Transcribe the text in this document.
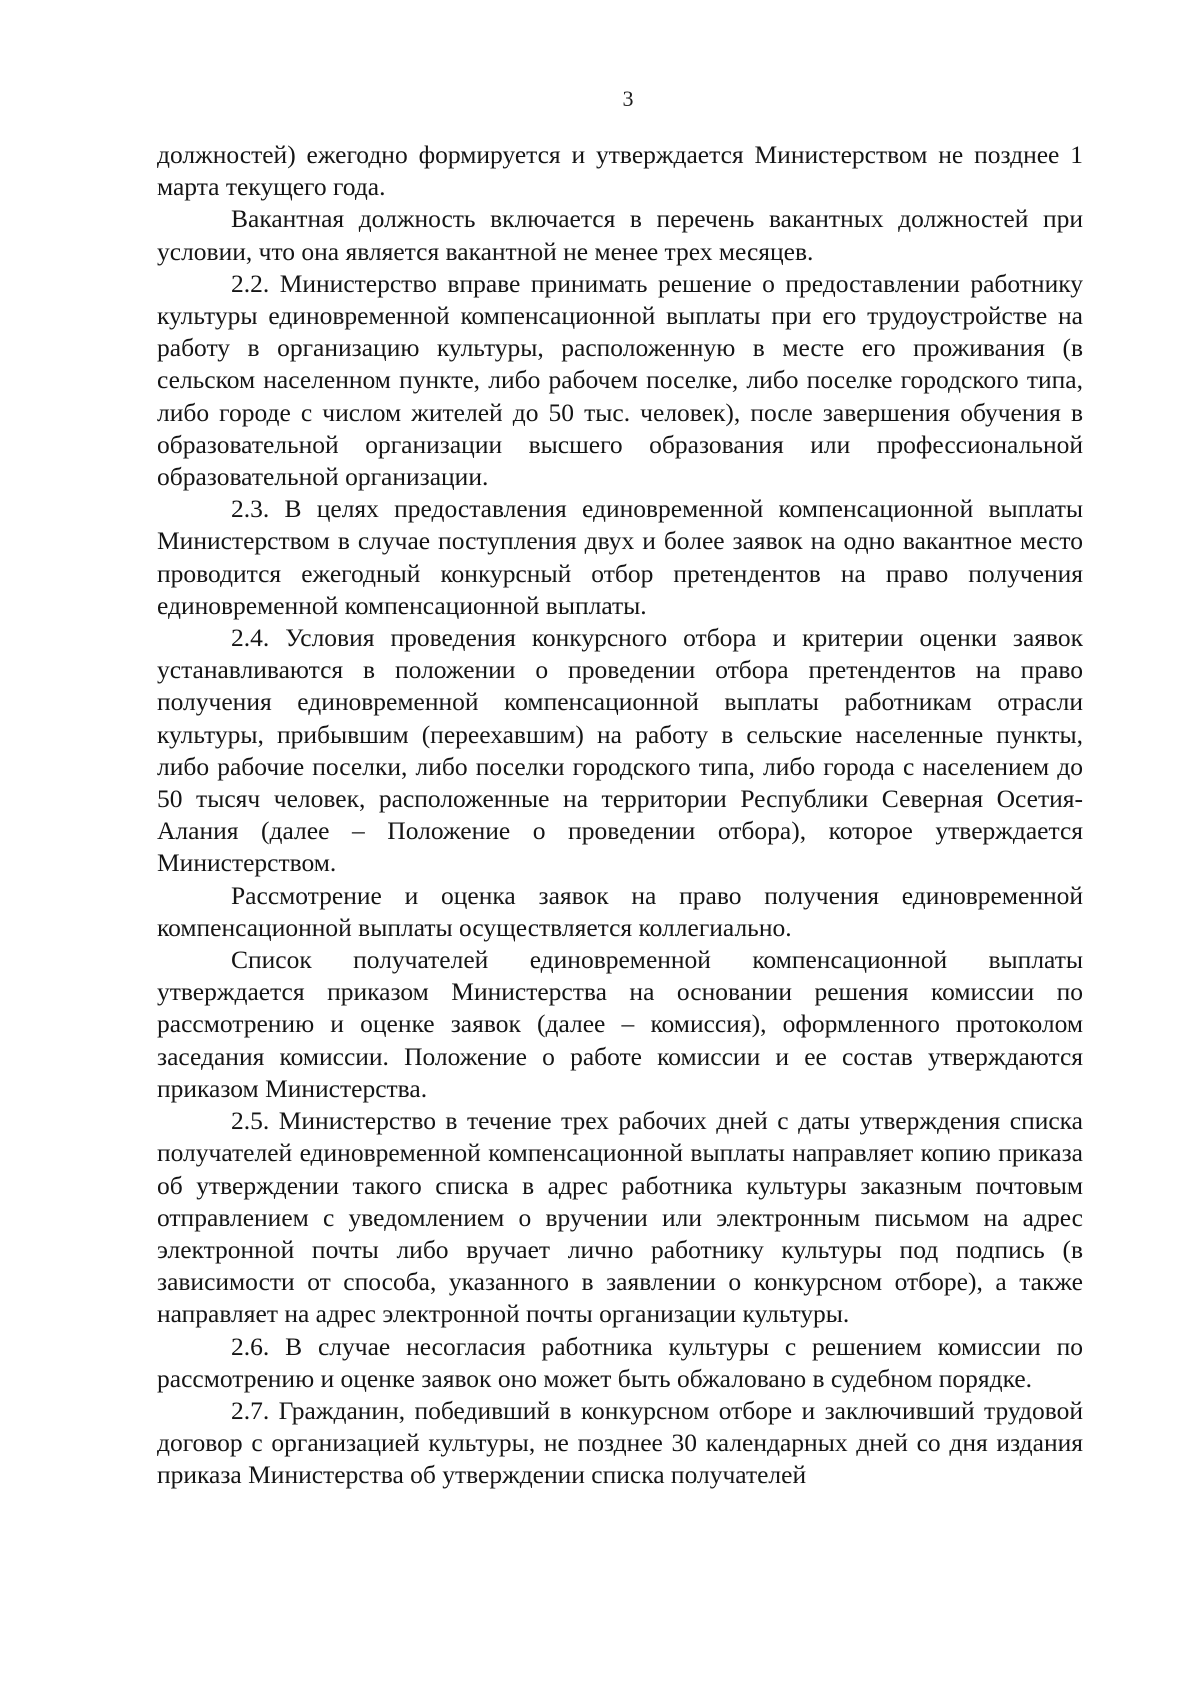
3

должностей) ежегодно формируется и утверждается Министерством не позднее 1 марта текущего года.

Вакантная должность включается в перечень вакантных должностей при условии, что она является вакантной не менее трех месяцев.

2.2. Министерство вправе принимать решение о предоставлении работнику культуры единовременной компенсационной выплаты при его трудоустройстве на работу в организацию культуры, расположенную в месте его проживания (в сельском населенном пункте, либо рабочем поселке, либо поселке городского типа, либо городе с числом жителей до 50 тыс. человек), после завершения обучения в образовательной организации высшего образования или профессиональной образовательной организации.

2.3. В целях предоставления единовременной компенсационной выплаты Министерством в случае поступления двух и более заявок на одно вакантное место проводится ежегодный конкурсный отбор претендентов на право получения единовременной компенсационной выплаты.

2.4. Условия проведения конкурсного отбора и критерии оценки заявок устанавливаются в положении о проведении отбора претендентов на право получения единовременной компенсационной выплаты работникам отрасли культуры, прибывшим (переехавшим) на работу в сельские населенные пункты, либо рабочие поселки, либо поселки городского типа, либо города с населением до 50 тысяч человек, расположенные на территории Республики Северная Осетия-Алания (далее – Положение о проведении отбора), которое утверждается Министерством.

Рассмотрение и оценка заявок на право получения единовременной компенсационной выплаты осуществляется коллегиально.

Список получателей единовременной компенсационной выплаты утверждается приказом Министерства на основании решения комиссии по рассмотрению и оценке заявок (далее – комиссия), оформленного протоколом заседания комиссии. Положение о работе комиссии и ее состав утверждаются приказом Министерства.

2.5. Министерство в течение трех рабочих дней с даты утверждения списка получателей единовременной компенсационной выплаты направляет копию приказа об утверждении такого списка в адрес работника культуры заказным почтовым отправлением с уведомлением о вручении или электронным письмом на адрес электронной почты либо вручает лично работнику культуры под подпись (в зависимости от способа, указанного в заявлении о конкурсном отборе), а также направляет на адрес электронной почты организации культуры.

2.6. В случае несогласия работника культуры с решением комиссии по рассмотрению и оценке заявок оно может быть обжаловано в судебном порядке.

2.7. Гражданин, победивший в конкурсном отборе и заключивший трудовой договор с организацией культуры, не позднее 30 календарных дней со дня издания приказа Министерства об утверждении списка получателей
